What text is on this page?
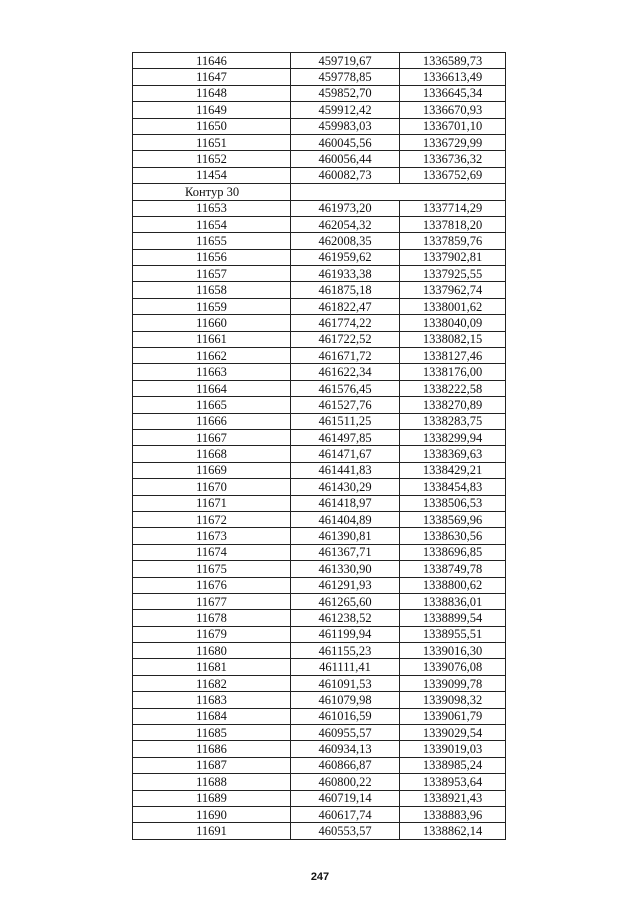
11646	459719,67	1336589,73
11647	459778,85	1336613,49
11648	459852,70	1336645,34
11649	459912,42	1336670,93
11650	459983,03	1336701,10
11651	460045,56	1336729,99
11652	460056,44	1336736,32
11454	460082,73	1336752,69
Контур 30		
11653	461973,20	1337714,29
11654	462054,32	1337818,20
11655	462008,35	1337859,76
11656	461959,62	1337902,81
11657	461933,38	1337925,55
11658	461875,18	1337962,74
11659	461822,47	1338001,62
11660	461774,22	1338040,09
11661	461722,52	1338082,15
11662	461671,72	1338127,46
11663	461622,34	1338176,00
11664	461576,45	1338222,58
11665	461527,76	1338270,89
11666	461511,25	1338283,75
11667	461497,85	1338299,94
11668	461471,67	1338369,63
11669	461441,83	1338429,21
11670	461430,29	1338454,83
11671	461418,97	1338506,53
11672	461404,89	1338569,96
11673	461390,81	1338630,56
11674	461367,71	1338696,85
11675	461330,90	1338749,78
11676	461291,93	1338800,62
11677	461265,60	1338836,01
11678	461238,52	1338899,54
11679	461199,94	1338955,51
11680	461155,23	1339016,30
11681	461111,41	1339076,08
11682	461091,53	1339099,78
11683	461079,98	1339098,32
11684	461016,59	1339061,79
11685	460955,57	1339029,54
11686	460934,13	1339019,03
11687	460866,87	1338985,24
11688	460800,22	1338953,64
11689	460719,14	1338921,43
11690	460617,74	1338883,96
11691	460553,57	1338862,14
247
